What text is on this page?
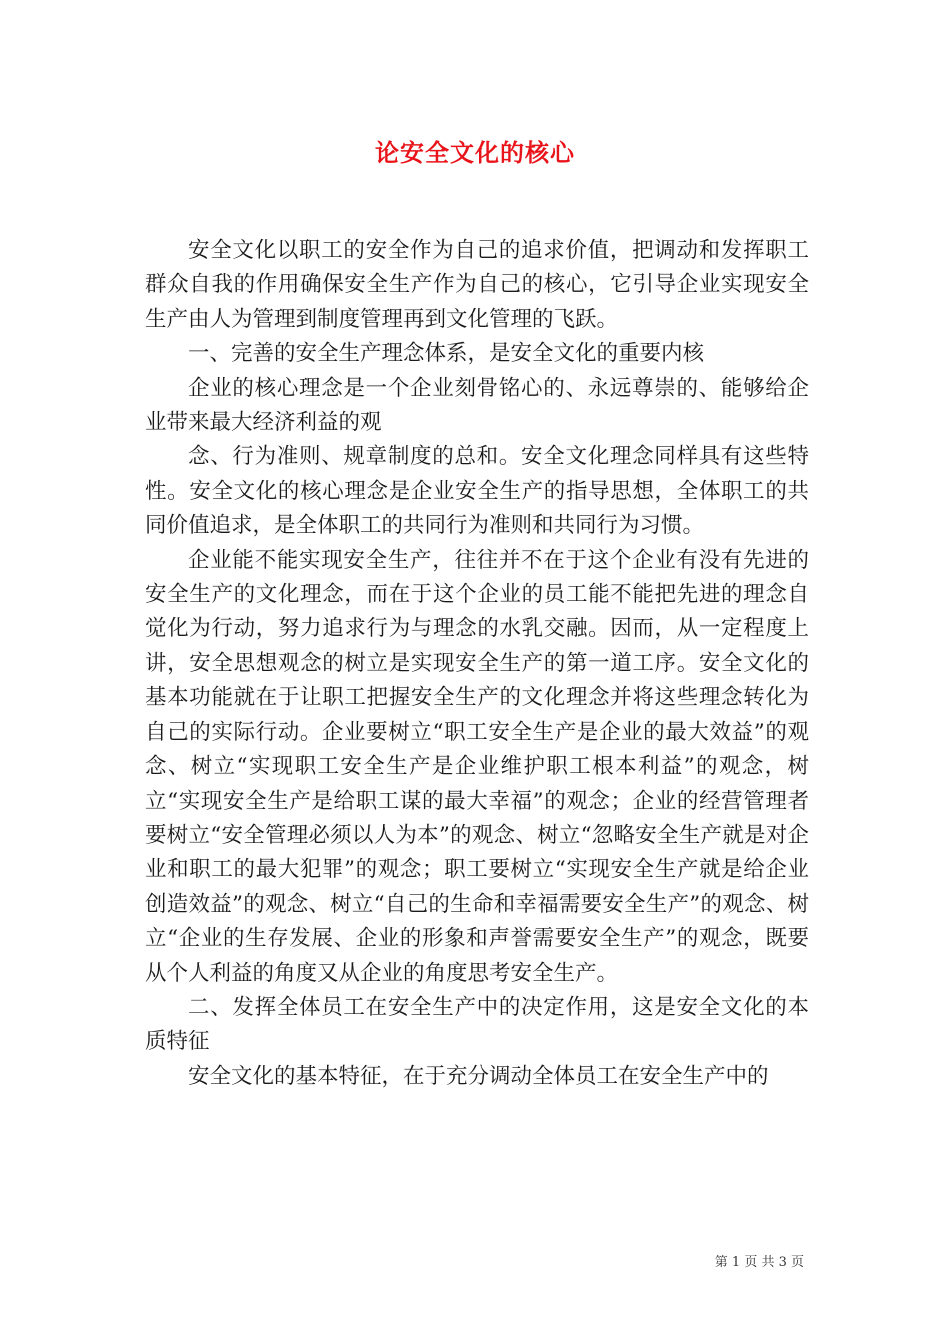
论安全文化的核心

安全文化以职工的安全作为自己的追求价值，把调动和发挥职工群众自我的作用确保安全生产作为自己的核心，它引导企业实现安全生产由人为管理到制度管理再到文化管理的飞跃。

一、完善的安全生产理念体系，是安全文化的重要内核

企业的核心理念是一个企业刻骨铭心的、永远尊崇的、能够给企业带来最大经济利益的观

念、行为准则、规章制度的总和。安全文化理念同样具有这些特性。安全文化的核心理念是企业安全生产的指导思想，全体职工的共同价值追求，是全体职工的共同行为准则和共同行为习惯。

企业能不能实现安全生产，往往并不在于这个企业有没有先进的安全生产的文化理念，而在于这个企业的员工能不能把先进的理念自觉化为行动，努力追求行为与理念的水乳交融。因而，从一定程度上讲，安全思想观念的树立是实现安全生产的第一道工序。安全文化的基本功能就在于让职工把握安全生产的文化理念并将这些理念转化为自己的实际行动。企业要树立“职工安全生产是企业的最大效益”的观念、树立“实现职工安全生产是企业维护职工根本利益”的观念，树立“实现安全生产是给职工谋的最大幸福”的观念；企业的经营管理者要树立“安全管理必须以人为本”的观念、树立“忽略安全生产就是对企业和职工的最大犯罪”的观念；职工要树立“实现安全生产就是给企业创造效益”的观念、树立“自己的生命和幸福需要安全生产”的观念、树立“企业的生存发展、企业的形象和声誉需要安全生产”的观念，既要从个人利益的角度又从企业的角度思考安全生产。

二、发挥全体员工在安全生产中的决定作用，这是安全文化的本质特征

安全文化的基本特征，在于充分调动全体员工在安全生产中的

第 1 页 共 3 页
